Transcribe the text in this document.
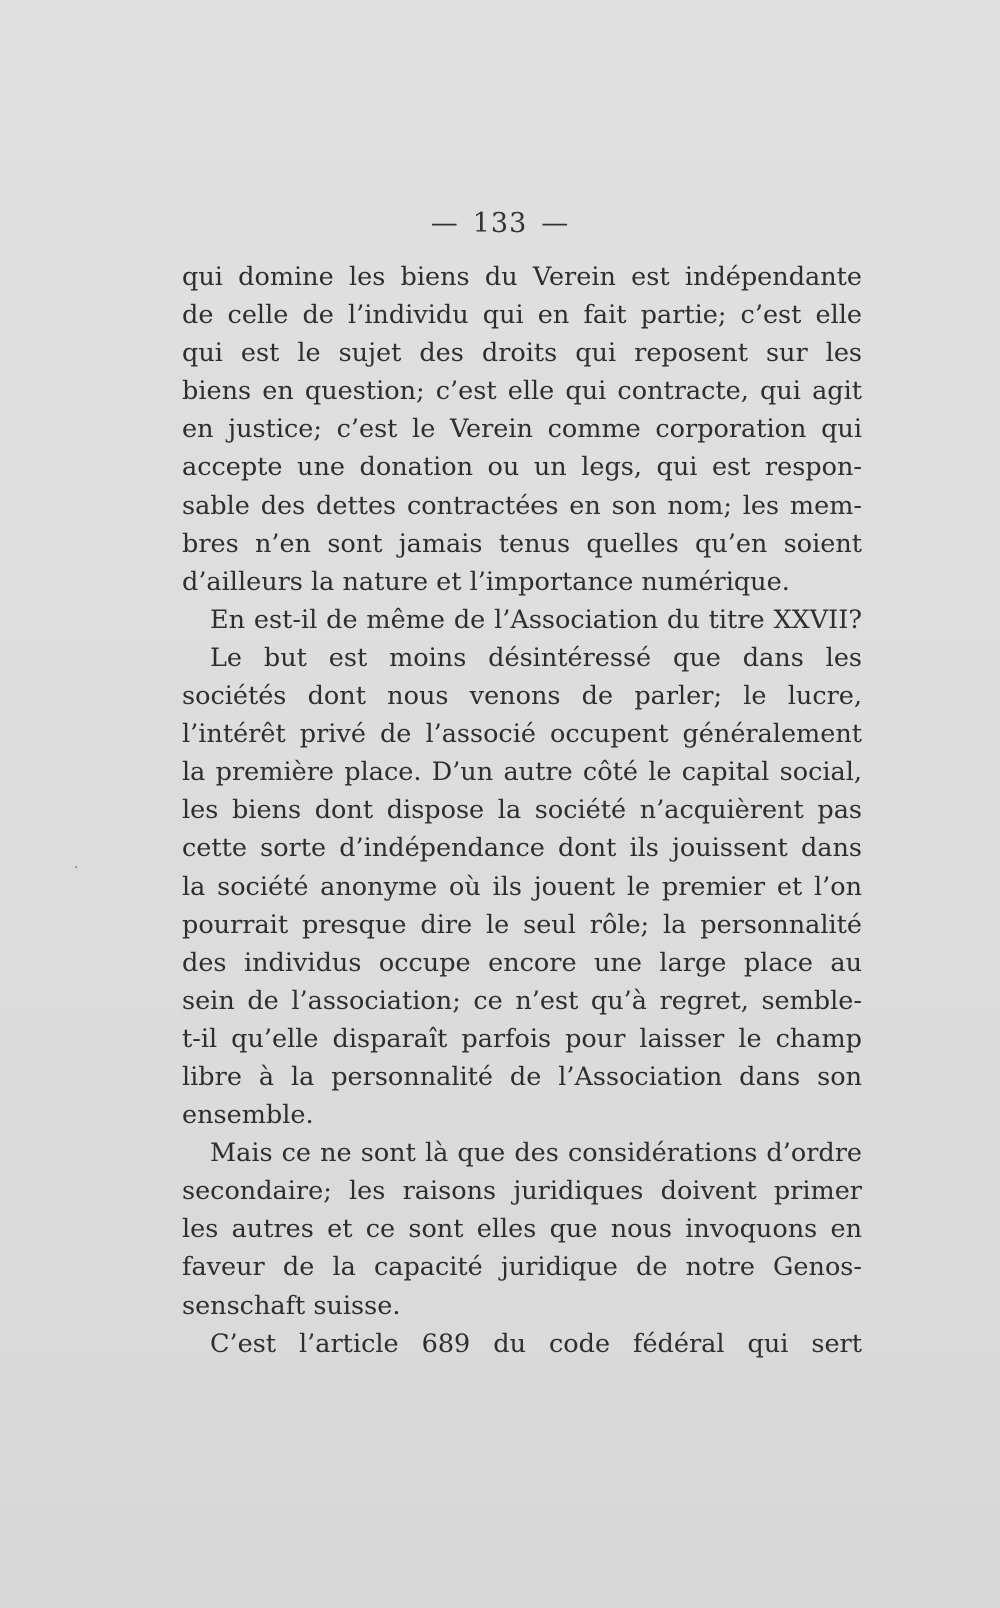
— 133 —
qui domine les biens du Verein est indépendante
de celle de l’individu qui en fait partie; c’est elle
qui est le sujet des droits qui reposent sur les
biens en question; c’est elle qui contracte, qui agit
en justice; c’est le Verein comme corporation qui
accepte une donation ou un legs, qui est respon-
sable des dettes contractées en son nom; les mem-
bres n’en sont jamais tenus quelles qu’en soient
d’ailleurs la nature et l’importance numérique.
En est-il de même de l’Association du titre XXVII?
Le but est moins désintéressé que dans les
sociétés dont nous venons de parler; le lucre,
l’intérêt privé de l’associé occupent généralement
la première place. D’un autre côté le capital social,
les biens dont dispose la société n’acquièrent pas
cette sorte d’indépendance dont ils jouissent dans
la société anonyme où ils jouent le premier et l’on
pourrait presque dire le seul rôle; la personnalité
des individus occupe encore une large place au
sein de l’association; ce n’est qu’à regret, semble-
t-il qu’elle disparaît parfois pour laisser le champ
libre à la personnalité de l’Association dans son
ensemble.
Mais ce ne sont là que des considérations d’ordre
secondaire; les raisons juridiques doivent primer
les autres et ce sont elles que nous invoquons en
faveur de la capacité juridique de notre Genos-
senschaft suisse.
C’est l’article 689 du code fédéral qui sert
·
